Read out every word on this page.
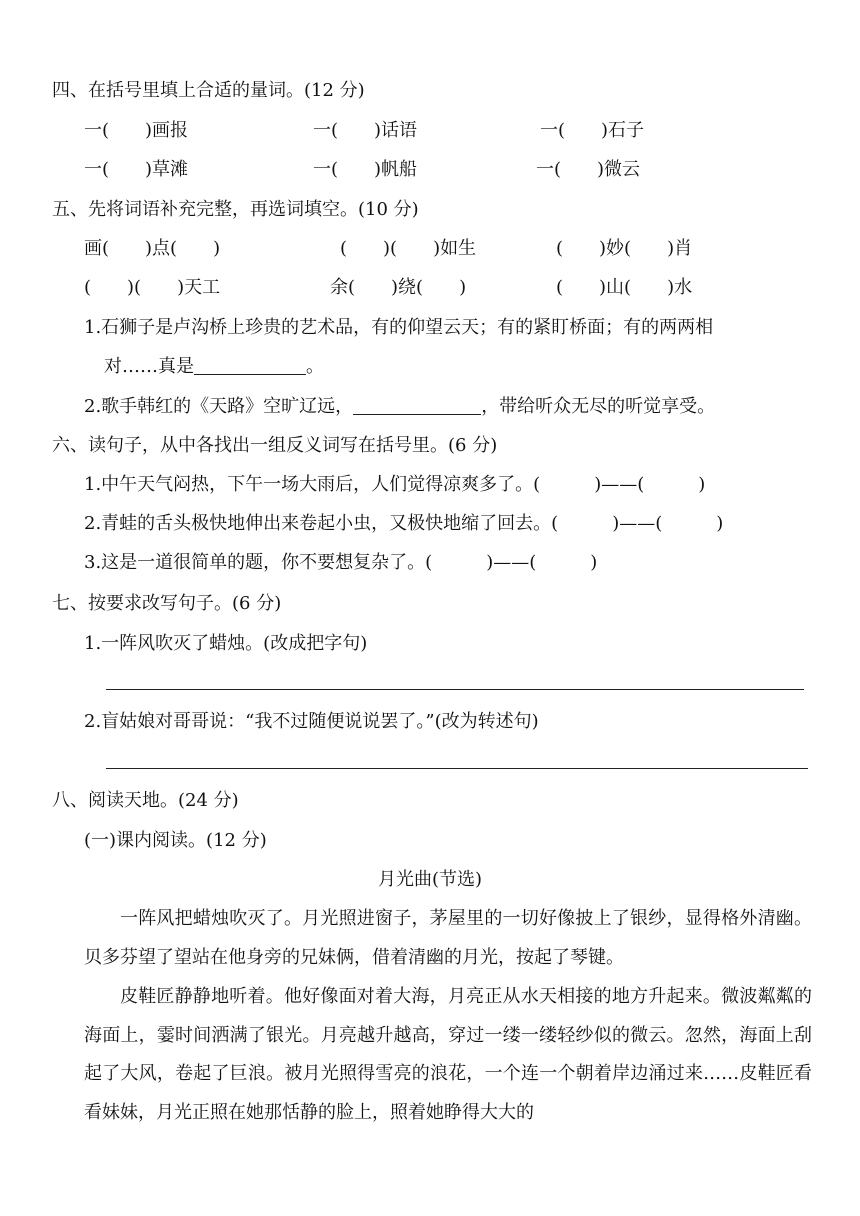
四、在括号里填上合适的量词。(12 分)
一(　　)画报	一(　　)话语	一(　　)石子
一(　　)草滩	一(　　)帆船	一(　　)微云
五、先将词语补充完整，再选词填空。(10 分)
画(　　)点(　　)	(　　)(　　)如生	(　　)妙(　　)肖
(　　)(　　)天工	余(　　)绕(　　)	(　　)山(　　)水
1.石狮子是卢沟桥上珍贵的艺术品，有的仰望云天；有的紧盯桥面；有的两两相
对……真是	。
2.歌手韩红的《天路》空旷辽远，	，带给听众无尽的听觉享受。
六、读句子，从中各找出一组反义词写在括号里。(6 分)
1.中午天气闷热，下午一场大雨后，人们觉得凉爽多了。(　　　)——(　　　)
2.青蛙的舌头极快地伸出来卷起小虫，又极快地缩了回去。(　　　)——(　　　)
3.这是一道很简单的题，你不要想复杂了。(　　　)——(　　　)
七、按要求改写句子。(6 分)
1.一阵风吹灭了蜡烛。(改成把字句)
2.盲姑娘对哥哥说：“我不过随便说说罢了。”(改为转述句)
八、阅读天地。(24 分)
(一)课内阅读。(12 分)
月光曲(节选)
一阵风把蜡烛吹灭了。月光照进窗子，茅屋里的一切好像披上了银纱，显得格外清幽。贝多芬望了望站在他身旁的兄妹俩，借着清幽的月光，按起了琴键。
皮鞋匠静静地听着。他好像面对着大海，月亮正从水天相接的地方升起来。微波粼粼的海面上，霎时间洒满了银光。月亮越升越高，穿过一缕一缕轻纱似的微云。忽然，海面上刮起了大风，卷起了巨浪。被月光照得雪亮的浪花，一个连一个朝着岸边涌过来……皮鞋匠看看妹妹，月光正照在她那恬静的脸上，照着她睁得大大的
